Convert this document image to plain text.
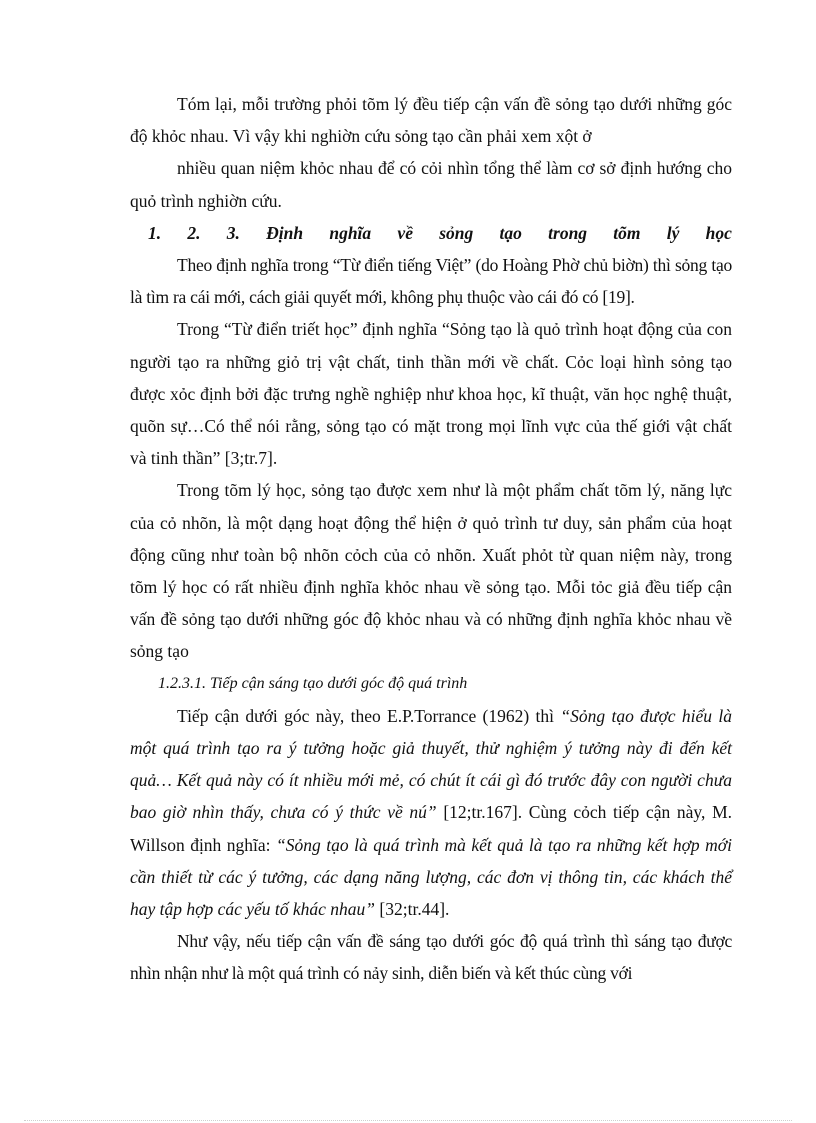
Tóm lại, mỗi trường phỏi tõm lý đều tiếp cận vấn đề sỏng tạo dưới những góc độ khỏc nhau. Vì vậy khi nghiờn cứu sỏng tạo cần phải xem xột ở

nhiều quan niệm khỏc nhau để có cỏi nhìn tổng thể làm cơ sở định hướng cho quỏ trình nghiờn cứu.

1. 2. 3. Định nghĩa về sỏng tạo trong tõm lý học

Theo định nghĩa trong “Từ điển tiếng Việt” (do Hoàng Phờ chủ biờn) thì sỏng tạo là tìm ra cái mới, cách giải quyết mới, không phụ thuộc vào cái đó có [19].

Trong “Từ điển triết học” định nghĩa “Sỏng tạo là quỏ trình hoạt động của con người tạo ra những giỏ trị vật chất, tinh thần mới về chất. Cỏc loại hình sỏng tạo được xỏc định bởi đặc trưng nghề nghiệp như khoa học, kĩ thuật, văn học nghệ thuật, quõn sự…Có thể nói rằng, sỏng tạo có mặt trong mọi lĩnh vực của thế giới vật chất và tinh thần” [3;tr.7].

Trong tõm lý học, sỏng tạo được xem như là một phẩm chất tõm lý, năng lực của cỏ nhõn, là một dạng hoạt động thể hiện ở quỏ trình tư duy, sản phẩm của hoạt động cũng như toàn bộ nhõn cỏch của cỏ nhõn. Xuất phỏt từ quan niệm này, trong tõm lý học có rất nhiều định nghĩa khỏc nhau về sỏng tạo. Mỗi tỏc giả đều tiếp cận vấn đề sỏng tạo dưới những góc độ khỏc nhau và có những định nghĩa khỏc nhau về sỏng tạo

1.2.3.1. Tiếp cận sáng tạo dưới góc độ quá trình

Tiếp cận dưới góc này, theo E.P.Torrance (1962) thì “Sỏng tạo được hiểu là một quá trình tạo ra ý tưởng hoặc giả thuyết, thử nghiệm ý tưởng này đi đến kết quả… Kết quả này có ít nhiều mới mẻ, có chút ít cái gì đó trước đây con người chưa bao giờ nhìn thấy, chưa có ý thức về nú” [12;tr.167]. Cùng cỏch tiếp cận này, M. Willson định nghĩa: “Sỏng tạo là quá trình mà kết quả là tạo ra những kết hợp mới cần thiết từ các ý tưởng, các dạng năng lượng, các đơn vị thông tin, các khách thể hay tập hợp các yếu tố khác nhau” [32;tr.44].

Như vậy, nếu tiếp cận vấn đề sáng tạo dưới góc độ quá trình thì sáng tạo được nhìn nhận như là một quá trình có nảy sinh, diễn biến và kết thúc cùng với
